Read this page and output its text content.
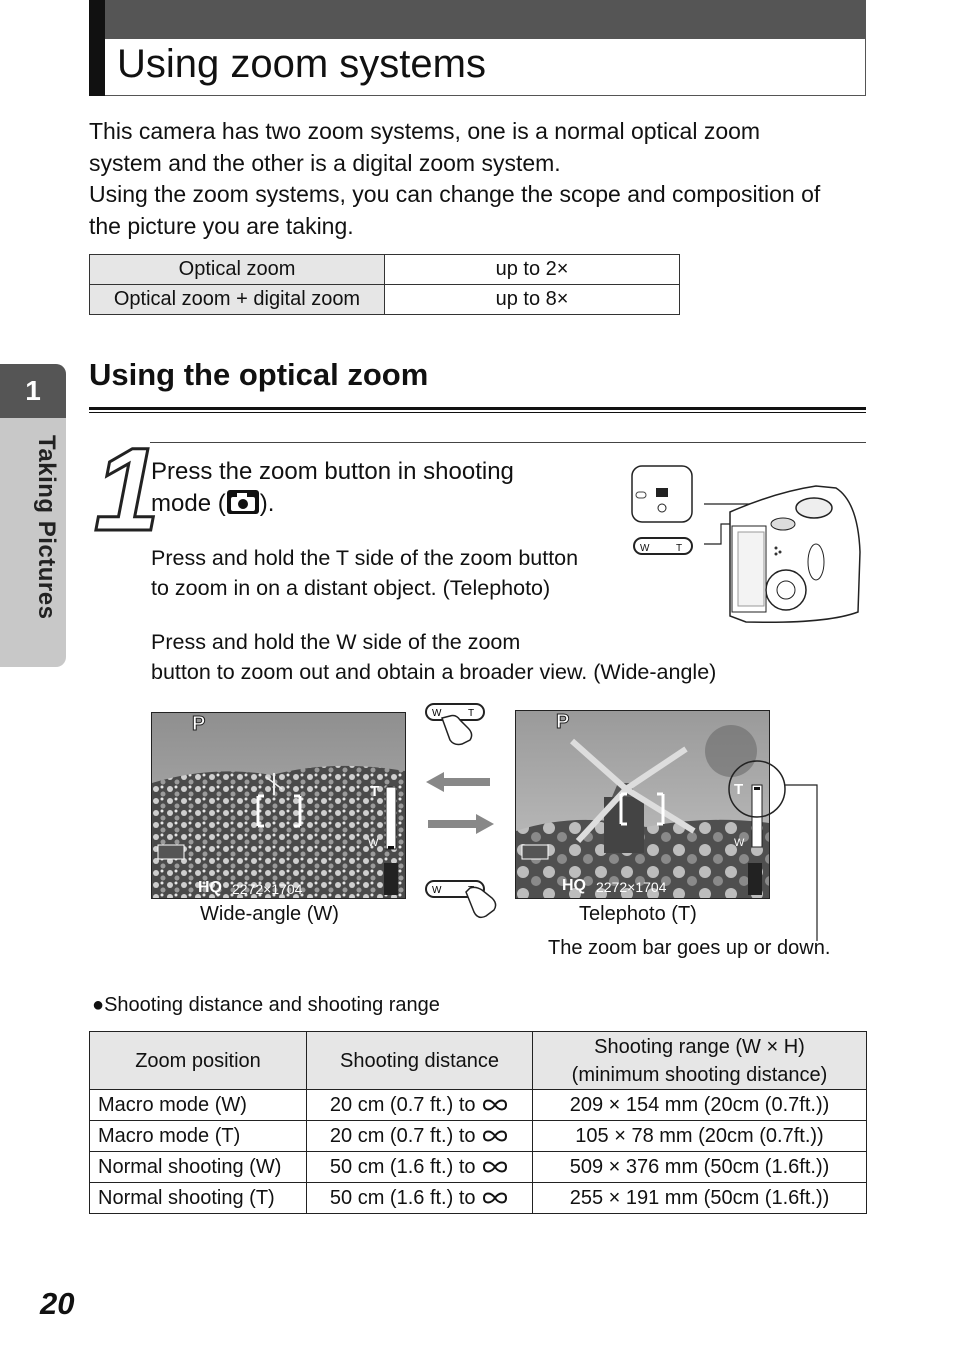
Using zoom systems
This camera has two zoom systems, one is a normal optical zoom
system and the other is a digital zoom system.
Using the zoom systems, you can change the scope and composition of
the picture you are taking.
Optical zoom	up to 2×
Optical zoom + digital zoom	up to 8×
1
Taking Pictures
Using the optical zoom
1
Press the zoom button in shooting
mode ( ).
Press and hold the T side of the zoom button
to zoom in on a distant object. (Telephoto)
Press and hold the W side of the zoom
button to zoom out and obtain a broader view. (Wide-angle)
W	T
P
T
W
HQ 2272×1704
P
T
W
HQ 2272×1704
W	T
W
Wide-angle (W)	Telephoto (T)
The zoom bar goes up or down.
●Shooting distance and shooting range
Zoom position	Shooting distance	Shooting range (W × H)
(minimum shooting distance)

Macro mode (W)	20 cm (0.7 ft.) to	209 × 154 mm (20cm (0.7ft.))
Macro mode (T)	20 cm (0.7 ft.) to	105 × 78 mm (20cm (0.7ft.))
Normal shooting (W)	50 cm (1.6 ft.) to	509 × 376 mm (50cm (1.6ft.))
Normal shooting (T)	50 cm (1.6 ft.) to	255 × 191 mm (50cm (1.6ft.))
20
